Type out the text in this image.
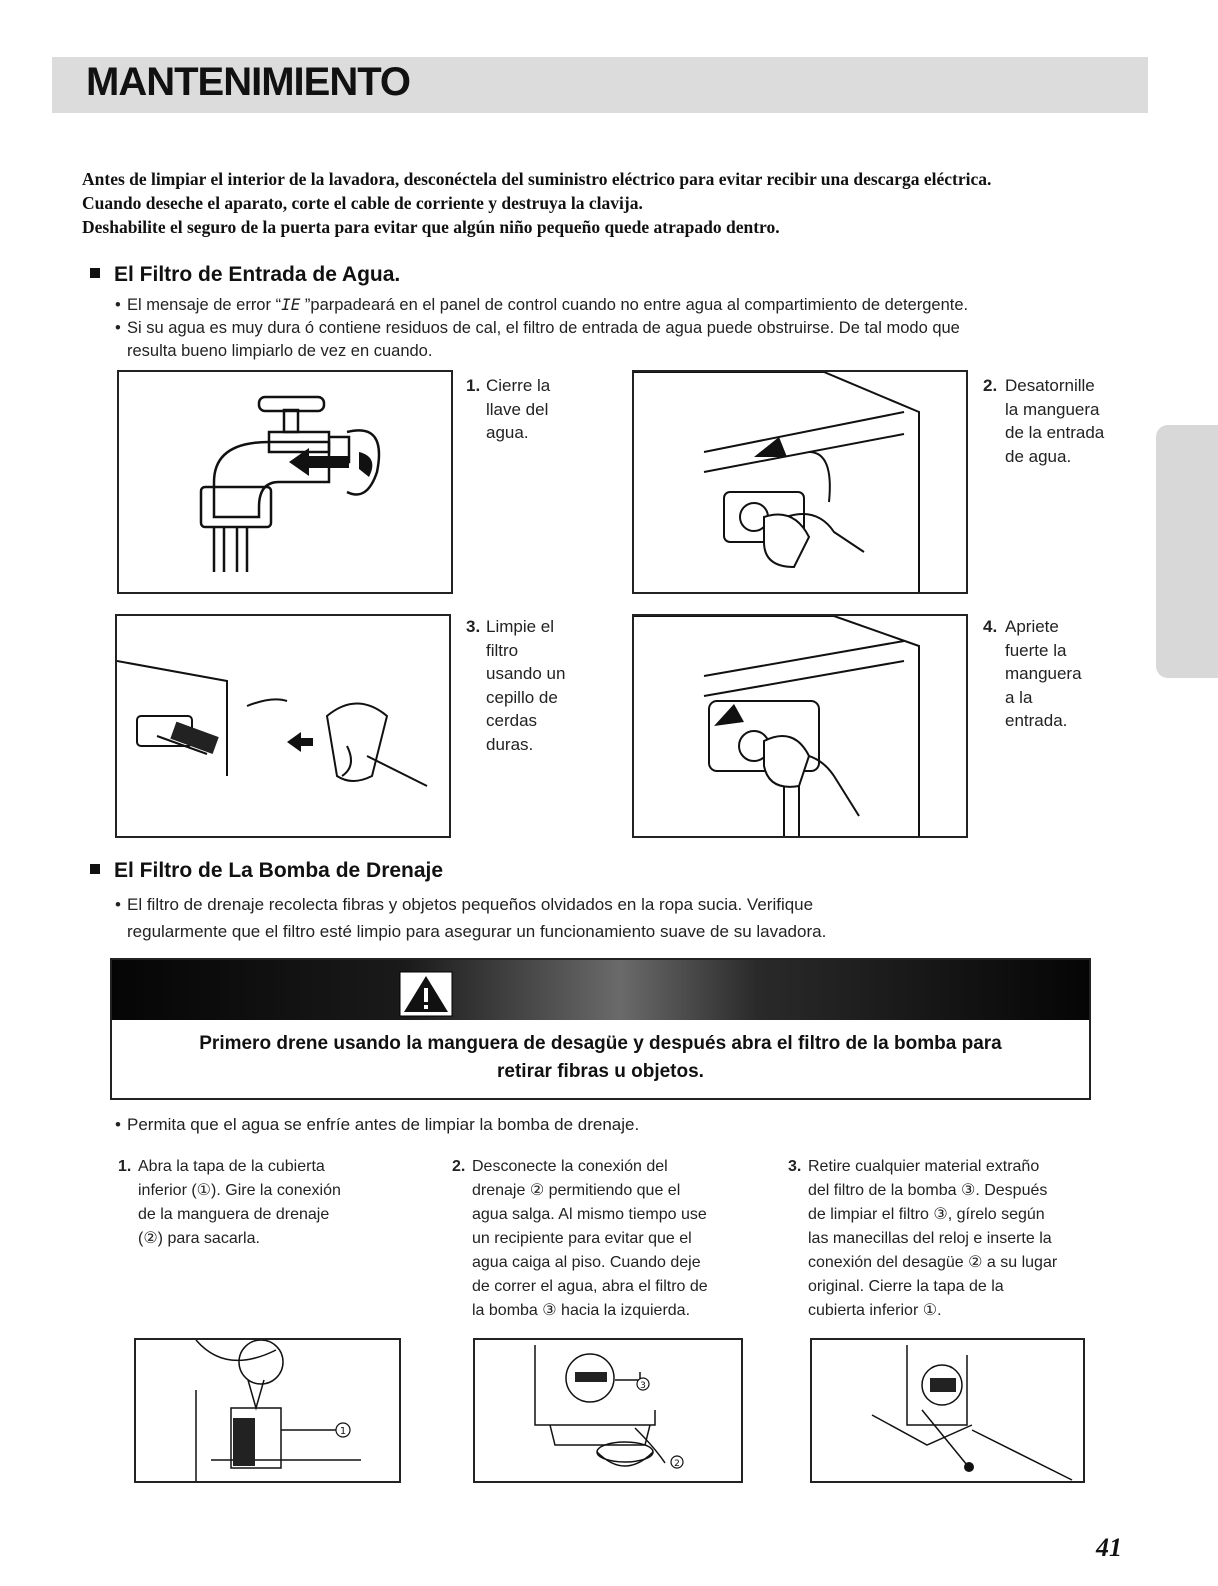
MANTENIMIENTO
Antes de limpiar el interior de la lavadora, desconéctela del suministro eléctrico para evitar recibir una descarga eléctrica.
Cuando deseche el aparato, corte el cable de corriente y destruya la clavija.
Deshabilite el seguro de la puerta para evitar que algún niño pequeño quede atrapado dentro.
El Filtro de Entrada de Agua.
• El mensaje de error “IE ”parpadeará en el panel de control cuando no entre agua al compartimiento de detergente.
• Si su agua es muy dura ó contiene residuos de cal, el filtro de entrada de agua puede obstruirse. De tal modo que
resulta bueno limpiarlo de vez en cuando.
1. Cierre la
llave del
agua.
2. Desatornille
la manguera
de la entrada
de agua.
3. Limpie el
filtro
usando un
cepillo de
cerdas
duras.
4. Apriete
fuerte la
manguera
a la
entrada.
El Filtro de La Bomba de Drenaje
• El filtro de drenaje recolecta fibras y objetos pequeños olvidados en la ropa sucia. Verifique
regularmente que el filtro esté limpio para asegurar un funcionamiento suave de su lavadora.
Primero drene usando la manguera de desagüe y después abra el filtro de la bomba para
retirar fibras u objetos.
• Permita que el agua se enfríe antes de limpiar la bomba de drenaje.
1. Abra la tapa de la cubierta
inferior (①). Gire la conexión
de la manguera de drenaje
(②) para sacarla.
2. Desconecte la conexión del
drenaje ② permitiendo que el
agua salga. Al mismo tiempo use
un recipiente para evitar que el
agua caiga al piso. Cuando deje
de correr el agua, abra el filtro de
la bomba ③ hacia la izquierda.
3. Retire cualquier material extraño
del filtro de la bomba ③. Después
de limpiar el filtro ③, gírelo según
las manecillas del reloj e inserte la
conexión del desagüe ② a su lugar
original. Cierre la tapa de la
cubierta inferior ①.
1
3
2
41
